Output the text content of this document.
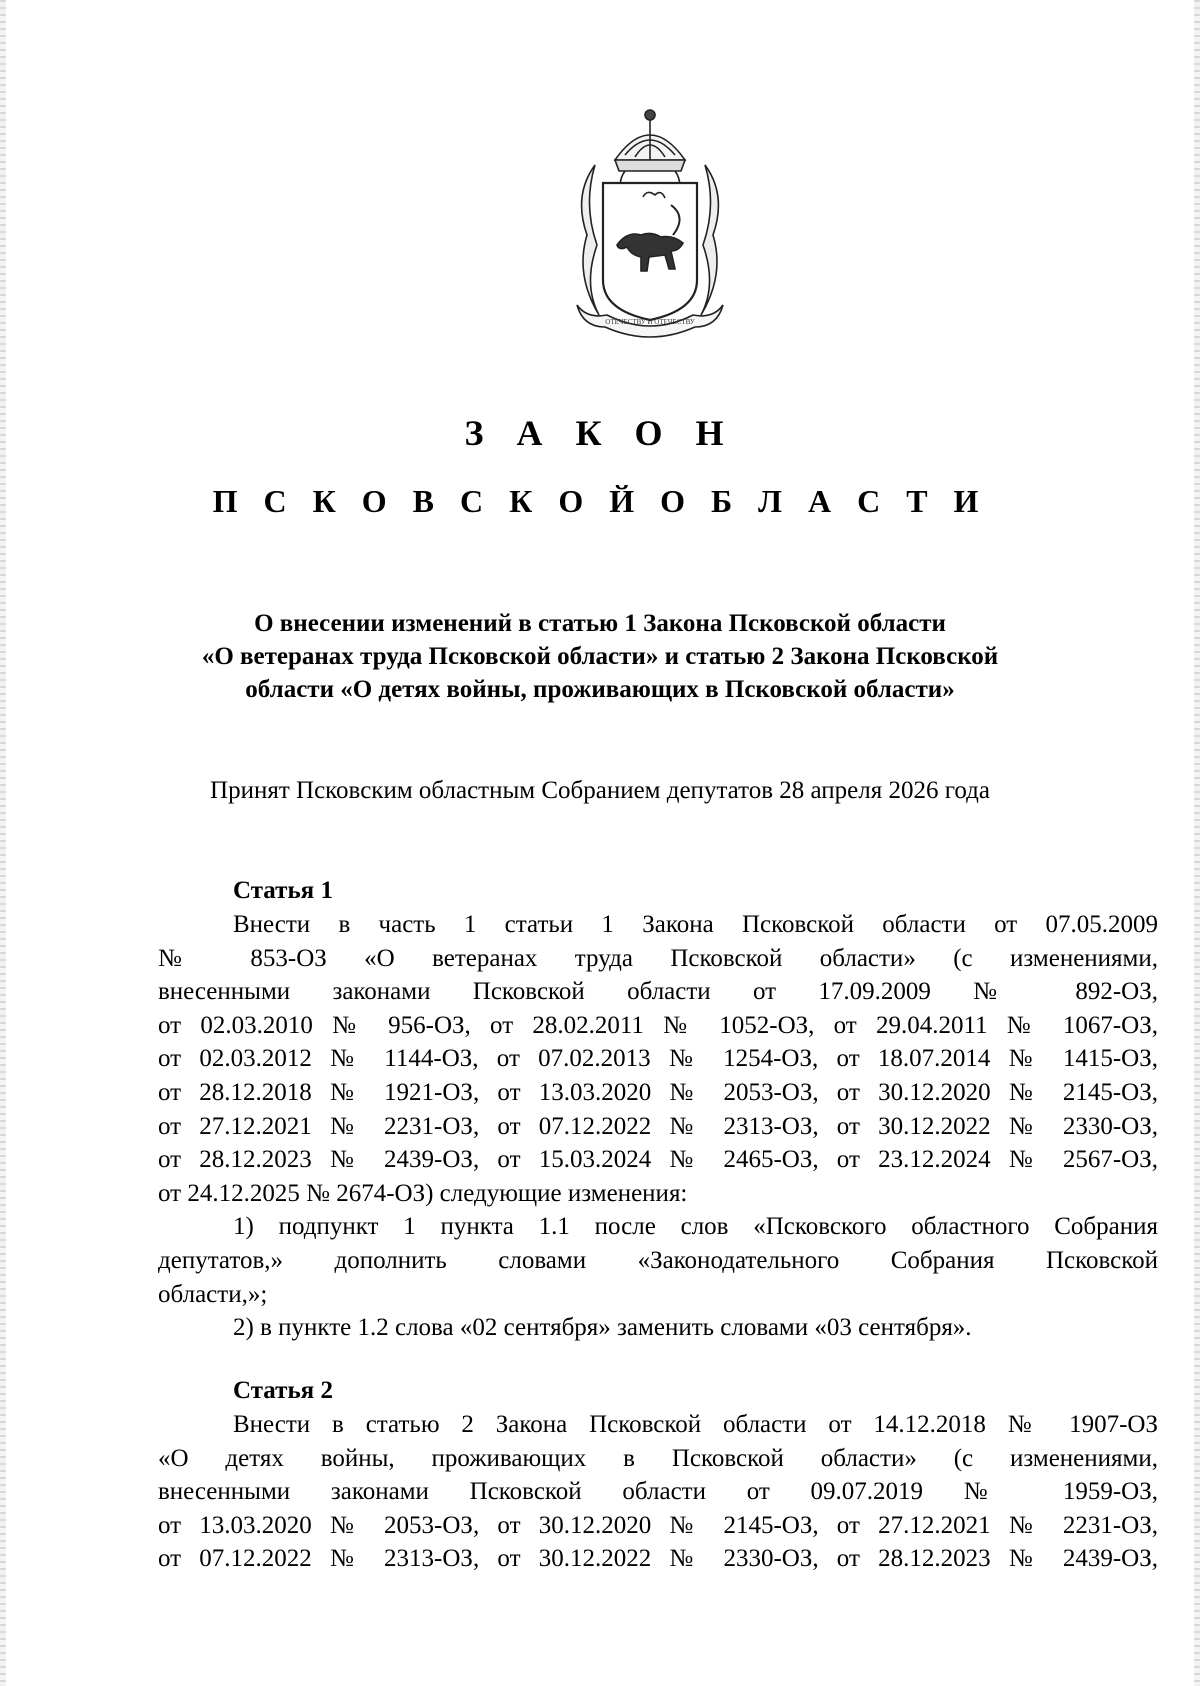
ОТЕЧЕСТВУ И ОТЕЧЕСТВУ
З А К О Н
П С К О В С К О Й О Б Л А С Т И
О внесении изменений в статью 1 Закона Псковской области
«О ветеранах труда Псковской области» и статью 2 Закона Псковской
области «О детях войны, проживающих в Псковской области»
Принят Псковским областным Собранием депутатов 28 апреля 2026 года
Статья 1
Внести в часть 1 статьи 1 Закона Псковской области от 07.05.2009
№ 853-ОЗ «О ветеранах труда Псковской области» (с изменениями,
внесенными законами Псковской области от 17.09.2009 № 892-ОЗ,
от 02.03.2010 № 956-ОЗ, от 28.02.2011 № 1052-ОЗ, от 29.04.2011 № 1067-ОЗ,
от 02.03.2012 № 1144-ОЗ, от 07.02.2013 № 1254-ОЗ, от 18.07.2014 № 1415-ОЗ,
от 28.12.2018 № 1921-ОЗ, от 13.03.2020 № 2053-ОЗ, от 30.12.2020 № 2145-ОЗ,
от 27.12.2021 № 2231-ОЗ, от 07.12.2022 № 2313-ОЗ, от 30.12.2022 № 2330-ОЗ,
от 28.12.2023 № 2439-ОЗ, от 15.03.2024 № 2465-ОЗ, от 23.12.2024 № 2567-ОЗ,
от 24.12.2025 № 2674-ОЗ) следующие изменения:
1) подпункт 1 пункта 1.1 после слов «Псковского областного Собрания
депутатов,» дополнить словами «Законодательного Собрания Псковской
области,»;
2) в пункте 1.2 слова «02 сентября» заменить словами «03 сентября».
Статья 2
Внести в статью 2 Закона Псковской области от 14.12.2018 № 1907-ОЗ
«О детях войны, проживающих в Псковской области» (с изменениями,
внесенными законами Псковской области от 09.07.2019 № 1959-ОЗ,
от 13.03.2020 № 2053-ОЗ, от 30.12.2020 № 2145-ОЗ, от 27.12.2021 № 2231-ОЗ,
от 07.12.2022 № 2313-ОЗ, от 30.12.2022 № 2330-ОЗ, от 28.12.2023 № 2439-ОЗ,
